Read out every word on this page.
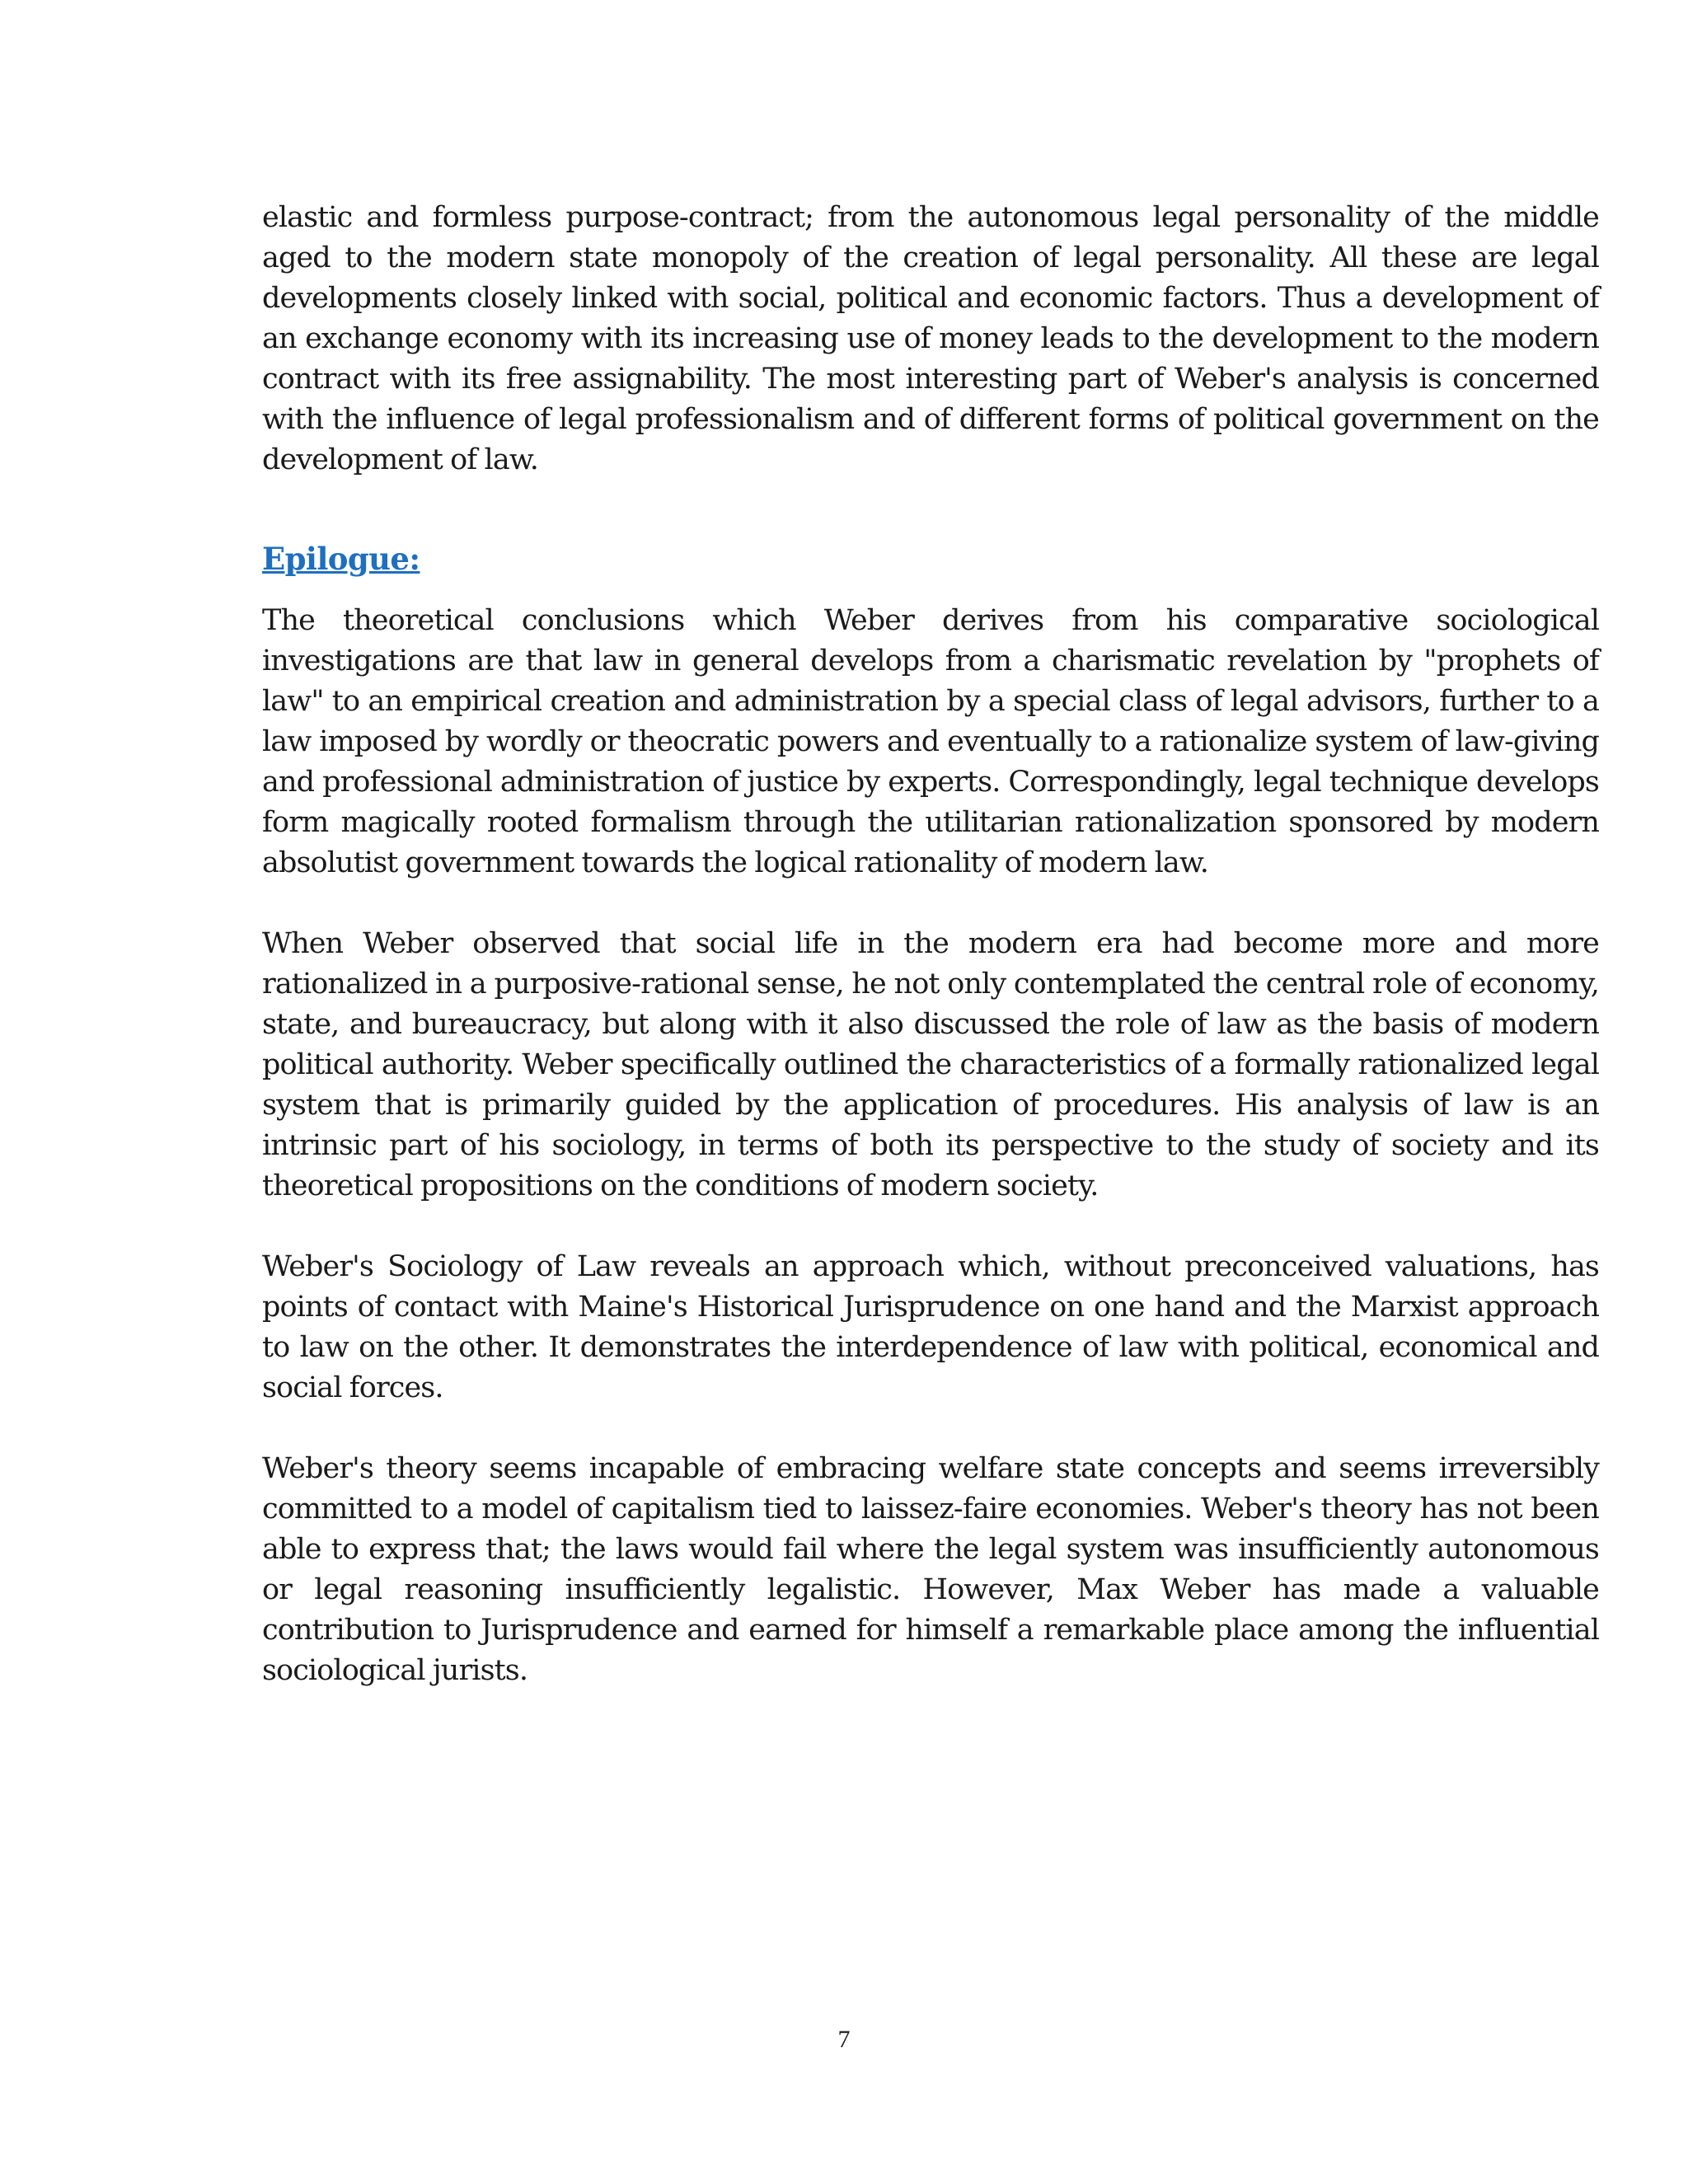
elastic and formless purpose-contract; from the autonomous legal personality of the middle aged to the modern state monopoly of the creation of legal personality. All these are legal developments closely linked with social, political and economic factors. Thus a development of an exchange economy with its increasing use of money leads to the development to the modern contract with its free assignability. The most interesting part of Weber's analysis is concerned with the influence of legal professionalism and of different forms of political government on the development of law.

Epilogue:

The theoretical conclusions which Weber derives from his comparative sociological investigations are that law in general develops from a charismatic revelation by "prophets of law" to an empirical creation and administration by a special class of legal advisors, further to a law imposed by wordly or theocratic powers and eventually to a rationalize system of law-giving and professional administration of justice by experts. Correspondingly, legal technique develops form magically rooted formalism through the utilitarian rationalization sponsored by modern absolutist government towards the logical rationality of modern law.

When Weber observed that social life in the modern era had become more and more rationalized in a purposive-rational sense, he not only contemplated the central role of economy, state, and bureaucracy, but along with it also discussed the role of law as the basis of modern political authority. Weber specifically outlined the characteristics of a formally rationalized legal system that is primarily guided by the application of procedures. His analysis of law is an intrinsic part of his sociology, in terms of both its perspective to the study of society and its theoretical propositions on the conditions of modern society.

Weber's Sociology of Law reveals an approach which, without preconceived valuations, has points of contact with Maine's Historical Jurisprudence on one hand and the Marxist approach to law on the other. It demonstrates the interdependence of law with political, economical and social forces.

Weber's theory seems incapable of embracing welfare state concepts and seems irreversibly committed to a model of capitalism tied to laissez-faire economies. Weber's theory has not been able to express that; the laws would fail where the legal system was insufficiently autonomous or legal reasoning insufficiently legalistic. However, Max Weber has made a valuable contribution to Jurisprudence and earned for himself a remarkable place among the influential sociological jurists.

7
